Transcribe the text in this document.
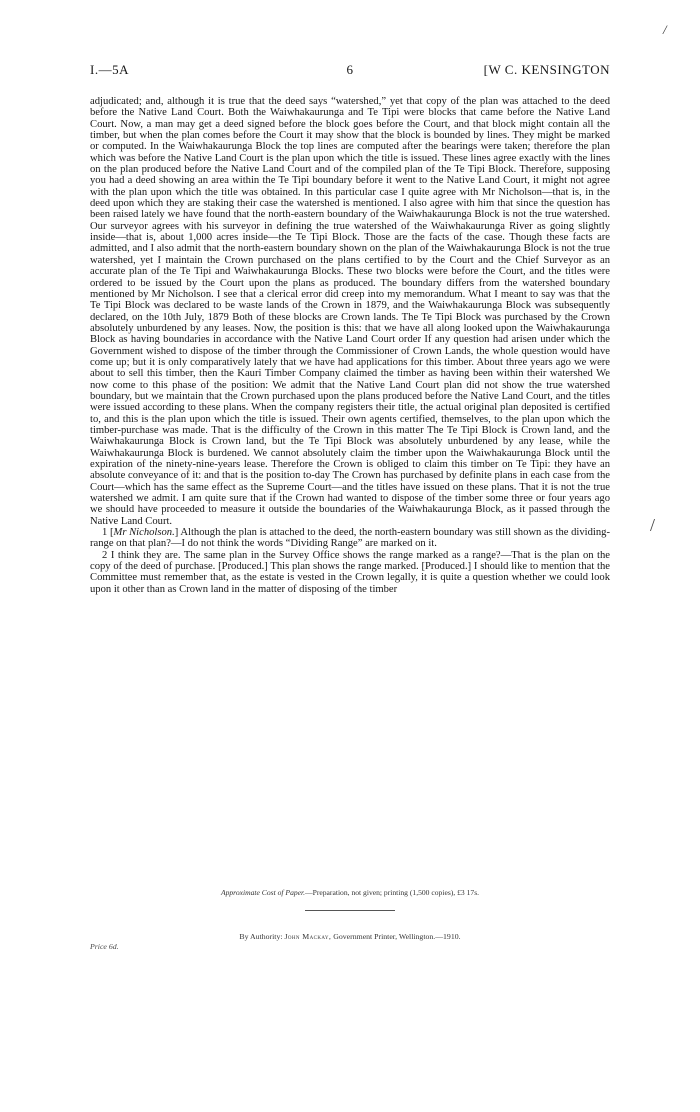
/
I.—5A	6	[W C. KENSINGTON

adjudicated; and, although it is true that the deed says “watershed,” yet that copy of the plan was attached to the deed before the Native Land Court. Both the Waiwhakaurunga and Te Tipi were blocks that came before the Native Land Court. Now, a man may get a deed signed before the block goes before the Court, and that block might contain all the timber, but when the plan comes before the Court it may show that the block is bounded by lines. They might be marked or computed. In the Waiwhakaurunga Block the top lines are computed after the bearings were taken; therefore the plan which was before the Native Land Court is the plan upon which the title is issued. These lines agree exactly with the lines on the plan produced before the Native Land Court and of the compiled plan of the Te Tipi Block. Therefore, supposing you had a deed showing an area within the Te Tipi boundary before it went to the Native Land Court, it might not agree with the plan upon which the title was obtained. In this particular case I quite agree with Mr Nicholson—that is, in the deed upon which they are staking their case the watershed is mentioned. I also agree with him that since the question has been raised lately we have found that the north-eastern boundary of the Waiwhakaurunga Block is not the true watershed. Our surveyor agrees with his surveyor in defining the true watershed of the Waiwhakaurunga River as going slightly inside—that is, about 1,000 acres inside—the Te Tipi Block. Those are the facts of the case. Though these facts are admitted, and I also admit that the north-eastern boundary shown on the plan of the Waiwhakaurunga Block is not the true watershed, yet I maintain the Crown purchased on the plans certified to by the Court and the Chief Surveyor as an accurate plan of the Te Tipi and Waiwhakaurunga Blocks. These two blocks were before the Court, and the titles were ordered to be issued by the Court upon the plans as produced. The boundary differs from the watershed boundary mentioned by Mr Nicholson. I see that a clerical error did creep into my memorandum. What I meant to say was that the Te Tipi Block was declared to be waste lands of the Crown in 1879, and the Waiwhakaurunga Block was subsequently declared, on the 10th July, 1879 Both of these blocks are Crown lands. The Te Tipi Block was purchased by the Crown absolutely unburdened by any leases. Now, the position is this: that we have all along looked upon the Waiwhakaurunga Block as having boundaries in accordance with the Native Land Court order If any question had arisen under which the Government wished to dispose of the timber through the Commissioner of Crown Lands, the whole question would have come up; but it is only comparatively lately that we have had applications for this timber. About three years ago we were about to sell this timber, then the Kauri Timber Company claimed the timber as having been within their watershed We now come to this phase of the position: We admit that the Native Land Court plan did not show the true watershed boundary, but we maintain that the Crown purchased upon the plans produced before the Native Land Court, and the titles were issued according to these plans. When the company registers their title, the actual original plan deposited is certified to, and this is the plan upon which the title is issued. Their own agents certified, themselves, to the plan upon which the timber-purchase was made. That is the difficulty of the Crown in this matter The Te Tipi Block is Crown land, and the Waiwhakaurunga Block is Crown land, but the Te Tipi Block was absolutely unburdened by any lease, while the Waiwhakaurunga Block is burdened. We cannot absolutely claim the timber upon the Waiwhakaurunga Block until the expiration of the ninety-nine-years lease. Therefore the Crown is obliged to claim this timber on Te Tipi: they have an absolute conveyance of it: and that is the position to-day The Crown has purchased by definite plans in each case from the Court—which has the same effect as the Supreme Court—and the titles have issued on these plans. That it is not the true watershed we admit. I am quite sure that if the Crown had wanted to dispose of the timber some three or four years ago we should have proceeded to measure it outside the boundaries of the Waiwhakaurunga Block, as it passed through the Native Land Court.

1 [Mr Nicholson.] Although the plan is attached to the deed, the north-eastern boundary was still shown as the dividing-range on that plan?—I do not think the words “Dividing Range” are marked on it.

2 I think they are. The same plan in the Survey Office shows the range marked as a range?—That is the plan on the copy of the deed of purchase. [Produced.] This plan shows the range marked. [Produced.] I should like to mention that the Committee must remember that, as the estate is vested in the Crown legally, it is quite a question whether we could look upon it other than as Crown land in the matter of disposing of the timber

/
Approximate Cost of Paper.—Preparation, not given; printing (1,500 copies), £3 17s.
By Authority: John Mackay, Government Printer, Wellington.—1910.
Price 6d.
